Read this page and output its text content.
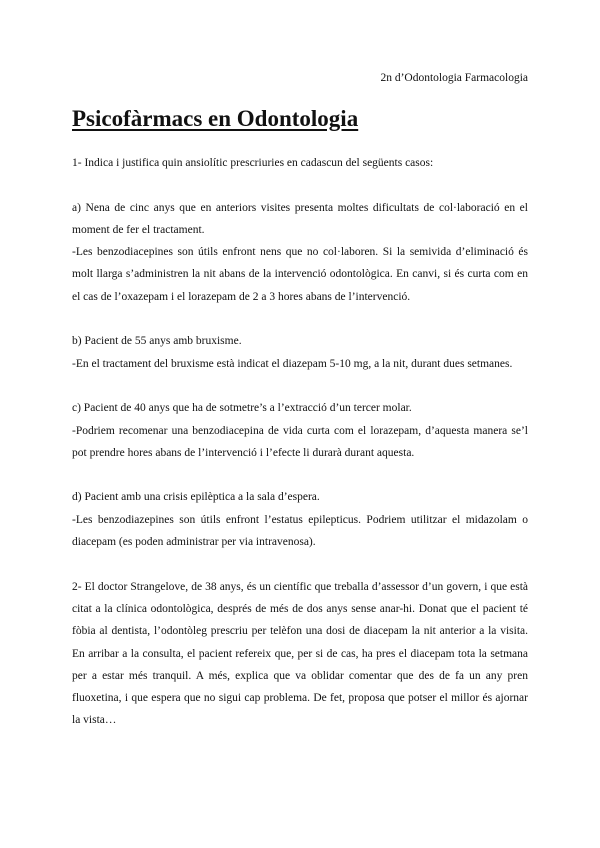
2n d’Odontologia Farmacologia
Psicofàrmacs en Odontologia

1- Indica i justifica quin ansiolític prescriuries en cadascun del següents casos:

a) Nena de cinc anys que en anteriors visites presenta moltes dificultats de col·laboració en el moment de fer el tractament.

-Les benzodiacepines son útils enfront nens que no col·laboren. Si la semivida d’eliminació és molt llarga s’administren la nit abans de la intervenció odontològica. En canvi, si és curta com en el cas de l’oxazepam i el lorazepam de 2 a 3 hores abans de l’intervenció.

b) Pacient de 55 anys amb bruxisme.

-En el tractament del bruxisme està indicat el diazepam 5-10 mg, a la nit, durant dues setmanes.

c) Pacient de 40 anys que ha de sotmetre’s a l’extracció d’un tercer molar.

-Podriem recomenar una benzodiacepina de vida curta com el lorazepam, d’aquesta manera se’l pot prendre hores abans de l’intervenció i l’efecte li durarà durant aquesta.

d) Pacient amb una crisis epilèptica a la sala d’espera.

-Les benzodiazepines son útils enfront l’estatus epilepticus. Podriem utilitzar el midazolam o diacepam (es poden administrar per via intravenosa).

2- El doctor Strangelove, de 38 anys, és un científic que treballa d’assessor d’un govern, i que està citat a la clínica odontològica, després de més de dos anys sense anar-hi. Donat que el pacient té fòbia al dentista, l’odontòleg prescriu per telèfon una dosi de diacepam la nit anterior a la visita. En arribar a la consulta, el pacient refereix que, per si de cas, ha pres el diacepam tota la setmana per a estar més tranquil. A més, explica que va oblidar comentar que des de fa un any pren fluoxetina, i que espera que no sigui cap problema. De fet, proposa que potser el millor és ajornar la vista…
